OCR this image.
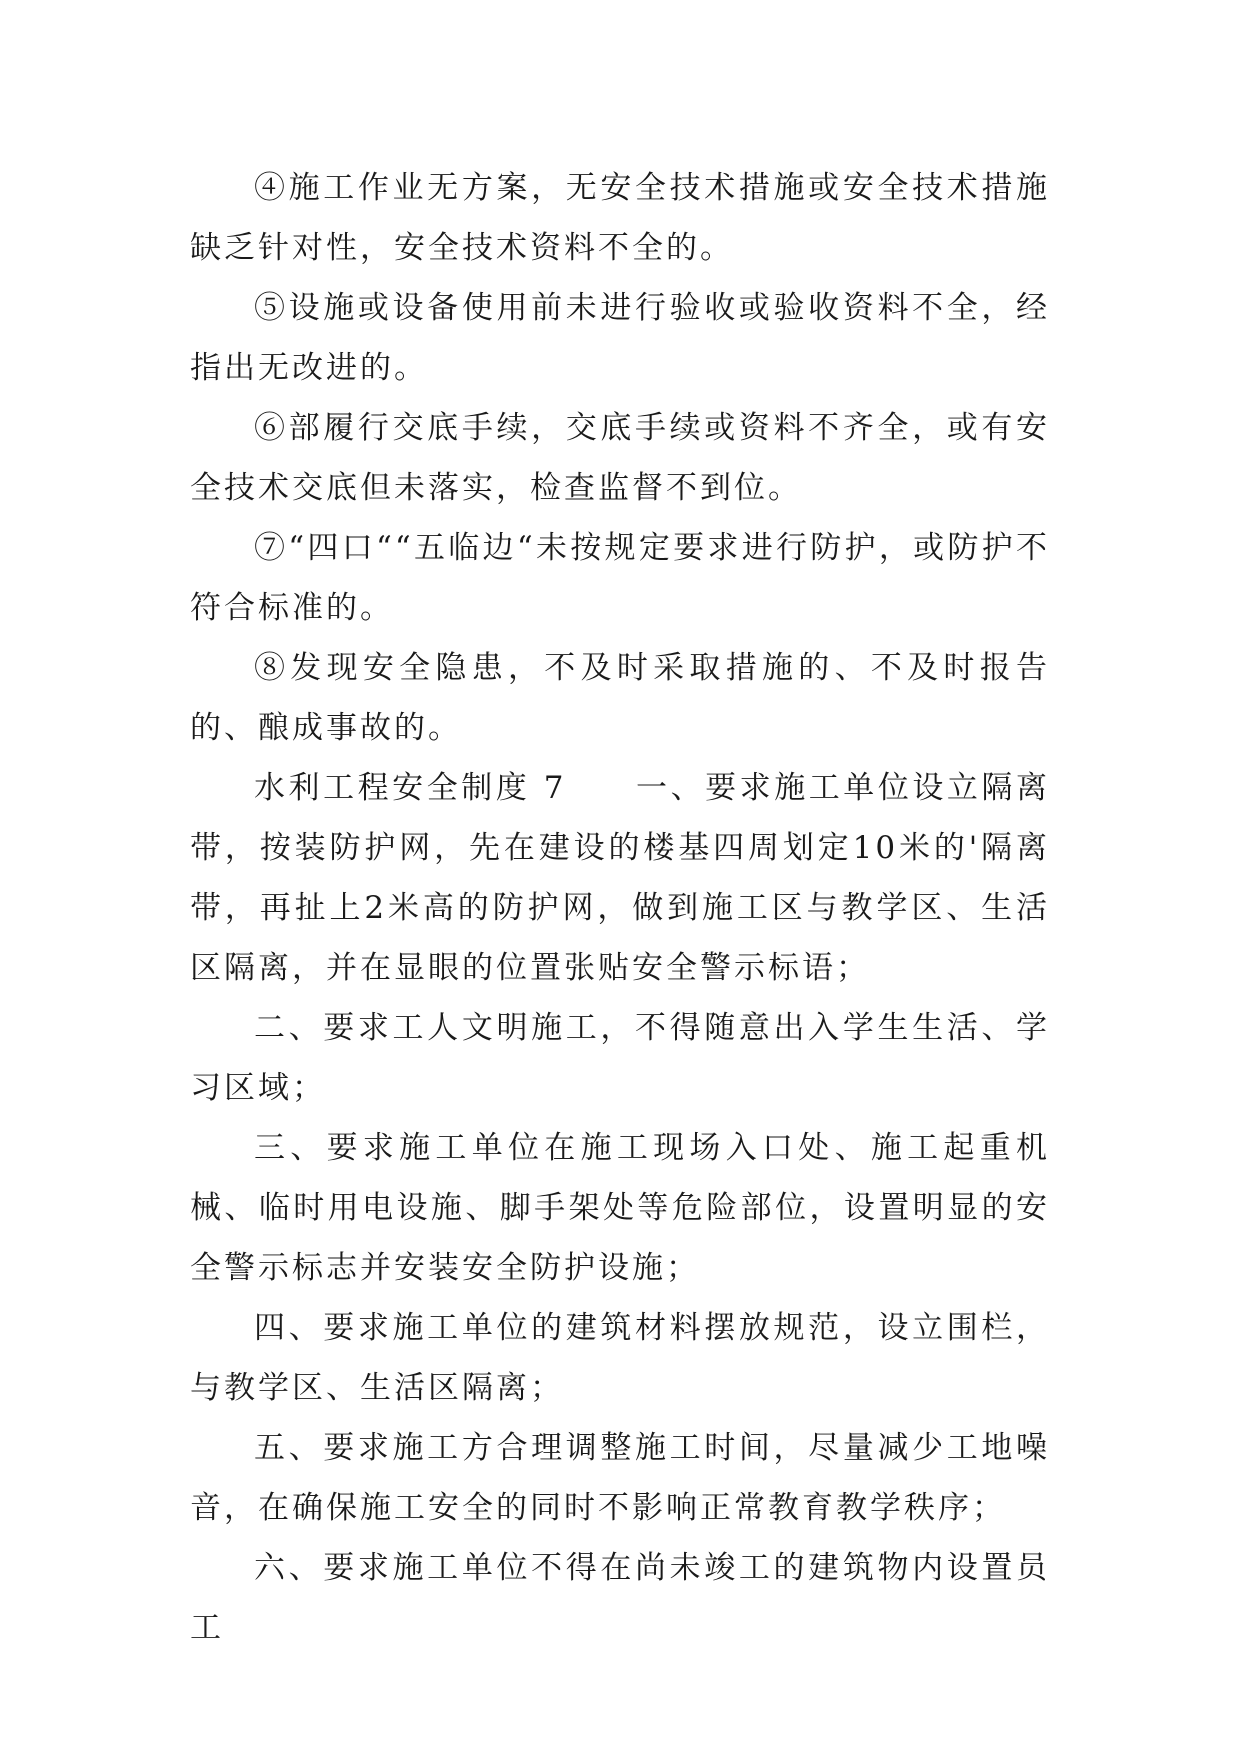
④施工作业无方案，无安全技术措施或安全技术措施缺乏针对性，安全技术资料不全的。

⑤设施或设备使用前未进行验收或验收资料不全，经指出无改进的。

⑥部履行交底手续，交底手续或资料不齐全，或有安全技术交底但未落实，检查监督不到位。

⑦“四口““五临边“未按规定要求进行防护，或防护不符合标准的。

⑧发现安全隐患，不及时采取措施的、不及时报告的、酿成事故的。

水利工程安全制度 7　　一、要求施工单位设立隔离带，按装防护网，先在建设的楼基四周划定10米的'隔离带，再扯上2米高的防护网，做到施工区与教学区、生活区隔离，并在显眼的位置张贴安全警示标语；

二、要求工人文明施工，不得随意出入学生生活、学习区域；

三、要求施工单位在施工现场入口处、施工起重机械、临时用电设施、脚手架处等危险部位，设置明显的安全警示标志并安装安全防护设施；

四、要求施工单位的建筑材料摆放规范，设立围栏，与教学区、生活区隔离；

五、要求施工方合理调整施工时间，尽量减少工地噪音，在确保施工安全的同时不影响正常教育教学秩序；

六、要求施工单位不得在尚未竣工的建筑物内设置员工
